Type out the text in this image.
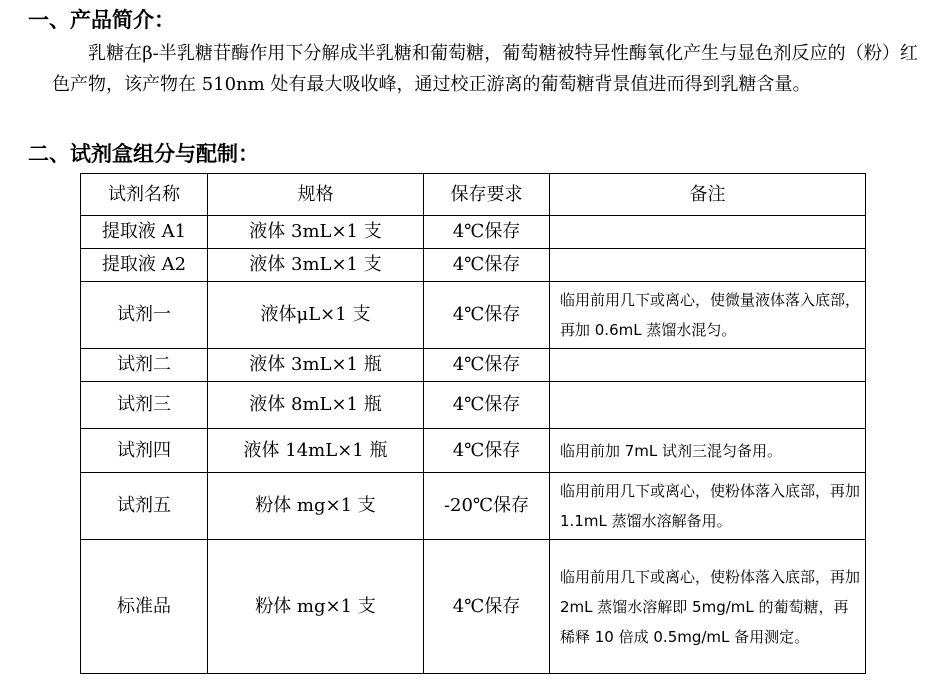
一、产品简介：
乳糖在β-半乳糖苷酶作用下分解成半乳糖和葡萄糖，葡萄糖被特异性酶氧化产生与显色剂反应的（粉）红色产物，该产物在 510nm 处有最大吸收峰，通过校正游离的葡萄糖背景值进而得到乳糖含量。
二、试剂盒组分与配制：
试剂名称	规格	保存要求	备注
提取液 A1	液体 3mL×1 支	4℃保存	
提取液 A2	液体 3mL×1 支	4℃保存	
试剂一	液体μL×1 支	4℃保存	临用前用几下或离心，使微量液体落入底部，再加 0.6mL 蒸馏水混匀。
试剂二	液体 3mL×1 瓶	4℃保存	
试剂三	液体 8mL×1 瓶	4℃保存	
试剂四	液体 14mL×1 瓶	4℃保存	临用前加 7mL 试剂三混匀备用。
试剂五	粉体 mg×1 支	-20℃保存	临用前用几下或离心，使粉体落入底部，再加 1.1mL 蒸馏水溶解备用。
标准品	粉体 mg×1 支	4℃保存	临用前用几下或离心，使粉体落入底部，再加 2mL 蒸馏水溶解即 5mg/mL 的葡萄糖，再稀释 10 倍成 0.5mg/mL 备用测定。
